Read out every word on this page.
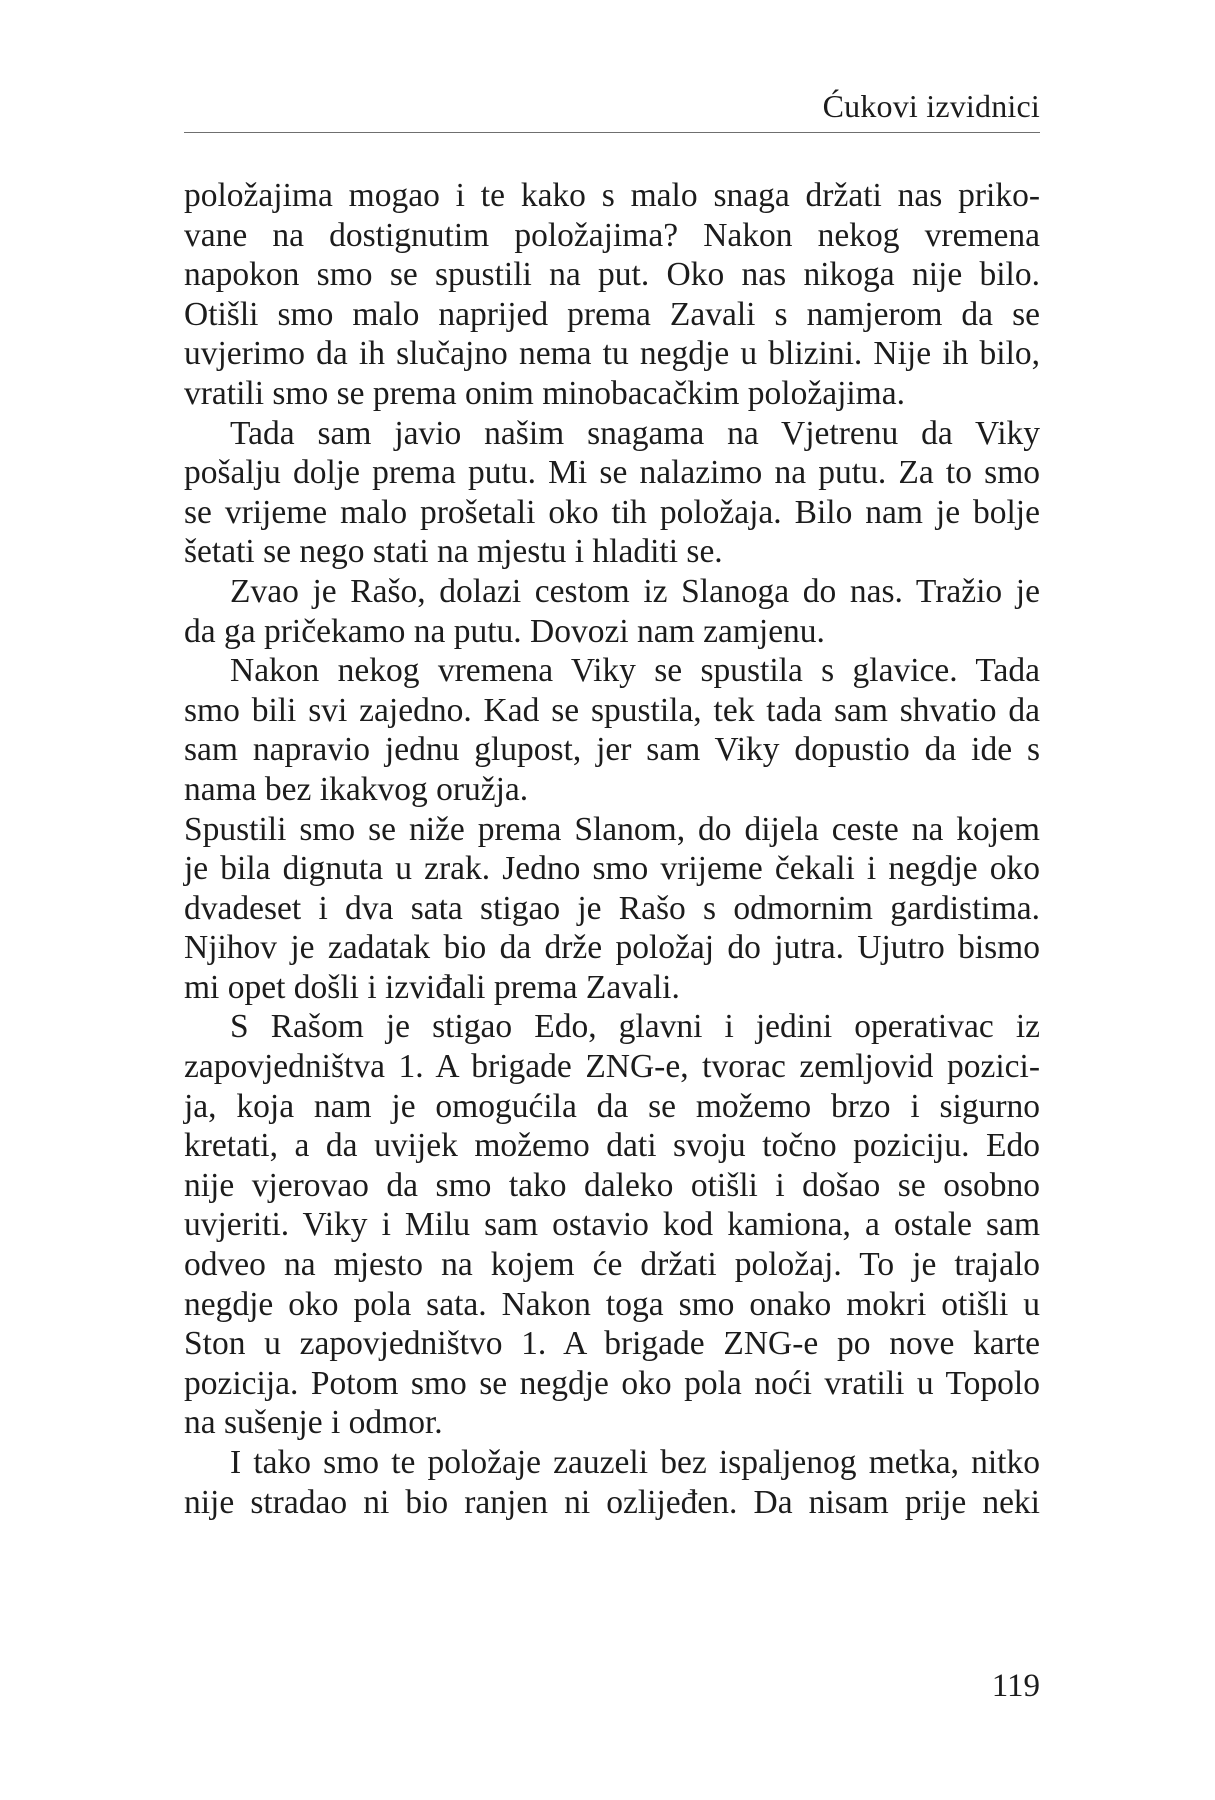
Ćukovi izvidnici
položajima mogao i te kako s malo snaga držati nas priko-
vane na dostignutim položajima? Nakon nekog vremena
napokon smo se spustili na put. Oko nas nikoga nije bilo.
Otišli smo malo naprijed prema Zavali s namjerom da se
uvjerimo da ih slučajno nema tu negdje u blizini. Nije ih bilo,
vratili smo se prema onim minobacačkim položajima.
Tada sam javio našim snagama na Vjetrenu da Viky
pošalju dolje prema putu. Mi se nalazimo na putu. Za to smo
se vrijeme malo prošetali oko tih položaja. Bilo nam je bolje
šetati se nego stati na mjestu i hladiti se.
Zvao je Rašo, dolazi cestom iz Slanoga do nas. Tražio je
da ga pričekamo na putu. Dovozi nam zamjenu.
Nakon nekog vremena Viky se spustila s glavice. Tada
smo bili svi zajedno. Kad se spustila, tek tada sam shvatio da
sam napravio jednu glupost, jer sam Viky dopustio da ide s
nama bez ikakvog oružja.
Spustili smo se niže prema Slanom, do dijela ceste na kojem
je bila dignuta u zrak. Jedno smo vrijeme čekali i negdje oko
dvadeset i dva sata stigao je Rašo s odmornim gardistima.
Njihov je zadatak bio da drže položaj do jutra. Ujutro bismo
mi opet došli i izviđali prema Zavali.
S Rašom je stigao Edo, glavni i jedini operativac iz
zapovjedništva 1. A brigade ZNG-e, tvorac zemljovid pozici-
ja, koja nam je omogućila da se možemo brzo i sigurno
kretati, a da uvijek možemo dati svoju točno poziciju. Edo
nije vjerovao da smo tako daleko otišli i došao se osobno
uvjeriti. Viky i Milu sam ostavio kod kamiona, a ostale sam
odveo na mjesto na kojem će držati položaj. To je trajalo
negdje oko pola sata. Nakon toga smo onako mokri otišli u
Ston u zapovjedništvo 1. A brigade ZNG-e po nove karte
pozicija. Potom smo se negdje oko pola noći vratili u Topolo
na sušenje i odmor.
I tako smo te položaje zauzeli bez ispaljenog metka, nitko
nije stradao ni bio ranjen ni ozlijeđen. Da nisam prije neki
119
